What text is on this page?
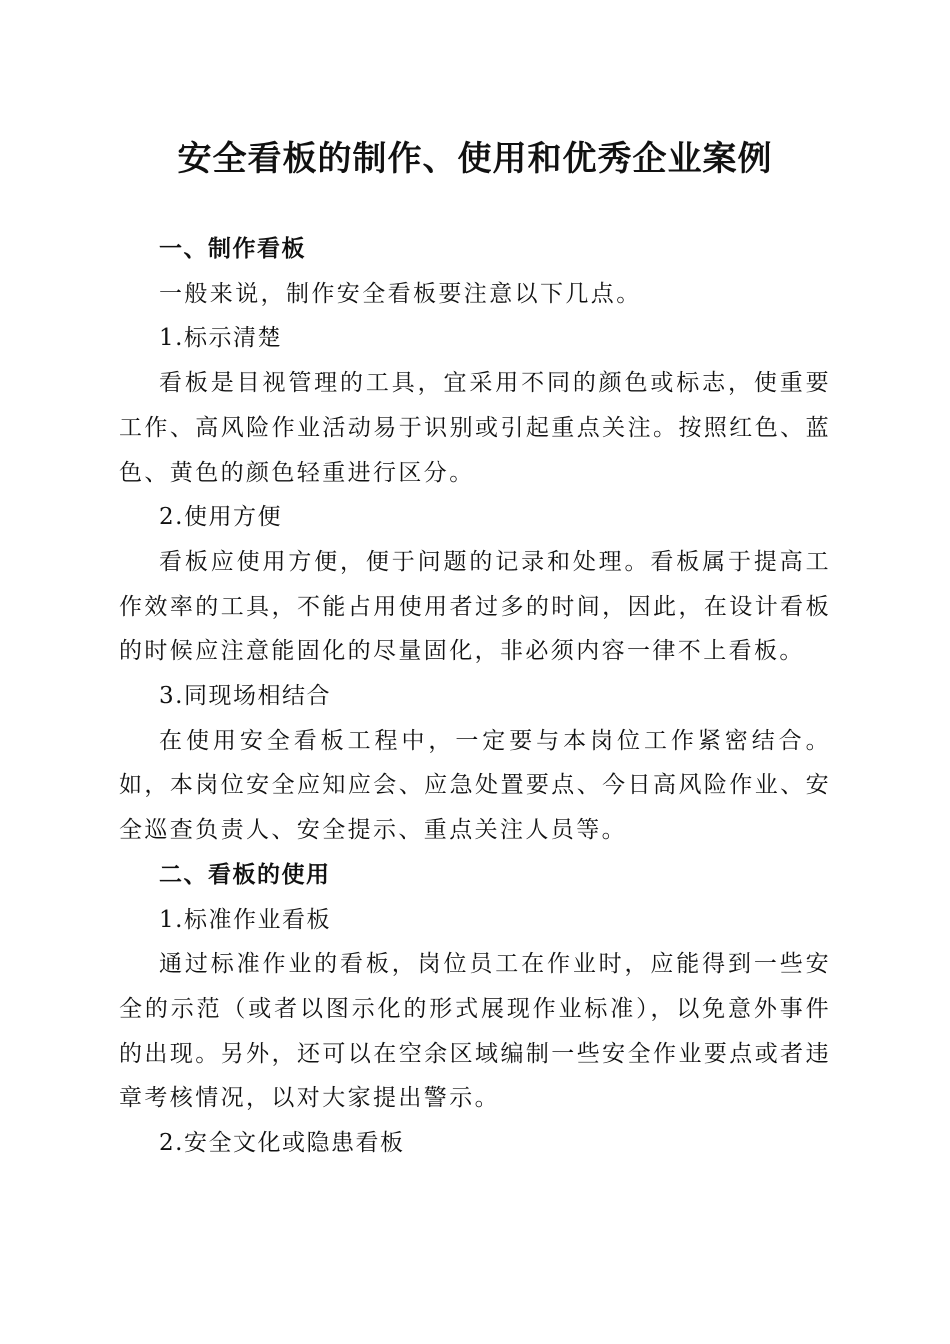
安全看板的制作、使用和优秀企业案例

一、制作看板

一般来说，制作安全看板要注意以下几点。

1.标示清楚

看板是目视管理的工具，宜采用不同的颜色或标志，使重要工作、高风险作业活动易于识别或引起重点关注。按照红色、蓝色、黄色的颜色轻重进行区分。

2.使用方便

看板应使用方便，便于问题的记录和处理。看板属于提高工作效率的工具，不能占用使用者过多的时间，因此，在设计看板的时候应注意能固化的尽量固化，非必须内容一律不上看板。

3.同现场相结合

在使用安全看板工程中，一定要与本岗位工作紧密结合。如，本岗位安全应知应会、应急处置要点、今日高风险作业、安全巡查负责人、安全提示、重点关注人员等。

二、看板的使用

1.标准作业看板

通过标准作业的看板，岗位员工在作业时，应能得到一些安全的示范（或者以图示化的形式展现作业标准），以免意外事件的出现。另外，还可以在空余区域编制一些安全作业要点或者违章考核情况，以对大家提出警示。

2.安全文化或隐患看板
